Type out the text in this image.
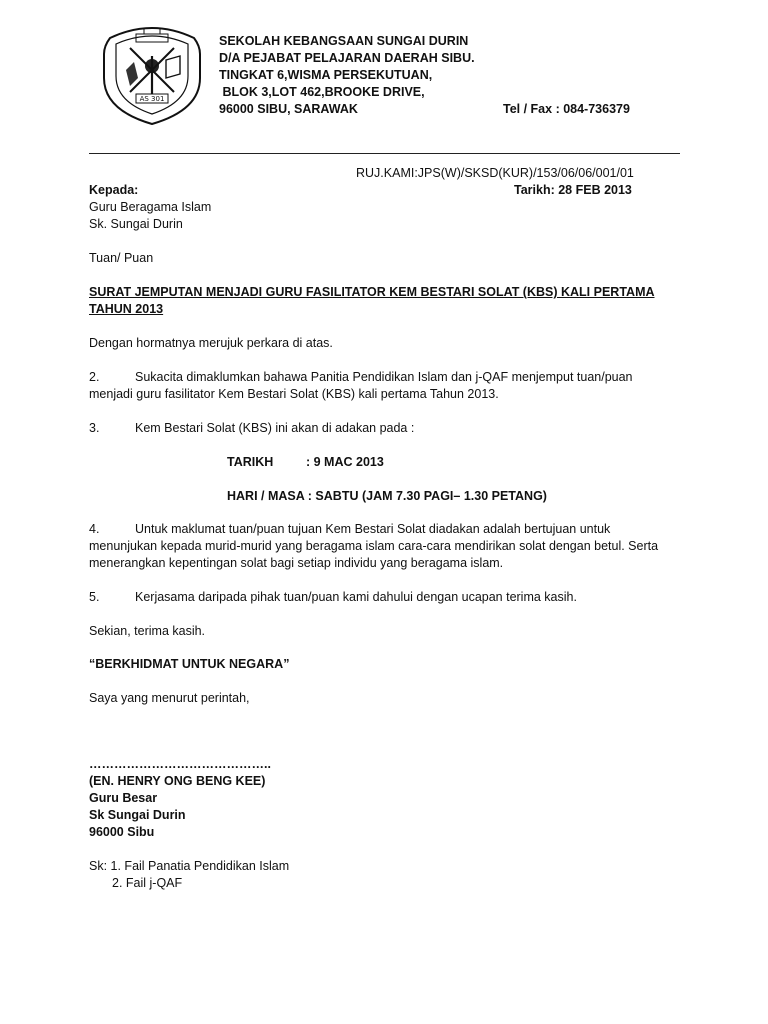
AS 301
SEKOLAH KEBANGSAAN SUNGAI DURIN
D/A PEJABAT PELAJARAN DAERAH SIBU.
TINGKAT 6,WISMA PERSEKUTUAN,
BLOK 3,LOT 462,BROOKE DRIVE,
96000 SIBU, SARAWAK	Tel / Fax : 084-736379
RUJ.KAMI:JPS(W)/SKSD(KUR)/153/06/06/001/01
Tarikh: 28 FEB 2013
Kepada:
Guru Beragama Islam
Sk. Sungai Durin
Tuan/ Puan
SURAT JEMPUTAN MENJADI GURU FASILITATOR KEM BESTARI SOLAT (KBS) KALI PERTAMA TAHUN 2013
Dengan hormatnya merujuk perkara di atas.
2.	Sukacita dimaklumkan bahawa Panitia Pendidikan Islam dan j-QAF menjemput tuan/puan menjadi guru fasilitator Kem Bestari Solat (KBS) kali pertama Tahun 2013.
3.	Kem Bestari Solat (KBS) ini akan di adakan pada :
TARIKH	: 9 MAC 2013
HARI / MASA : SABTU (JAM 7.30 PAGI– 1.30 PETANG)
4.	Untuk maklumat tuan/puan tujuan Kem Bestari Solat diadakan adalah bertujuan untuk menunjukan kepada murid-murid yang beragama islam cara-cara mendirikan solat dengan betul. Serta menerangkan kepentingan solat bagi setiap individu yang beragama islam.
5.	Kerjasama daripada pihak tuan/puan kami dahului dengan ucapan terima kasih.
Sekian, terima kasih.
“BERKHIDMAT UNTUK NEGARA”
Saya yang menurut perintah,
……………………………………..
(EN. HENRY ONG BENG KEE)
Guru Besar
Sk Sungai Durin
96000 Sibu
Sk: 1. Fail Panatia Pendidikan Islam
2. Fail j-QAF
